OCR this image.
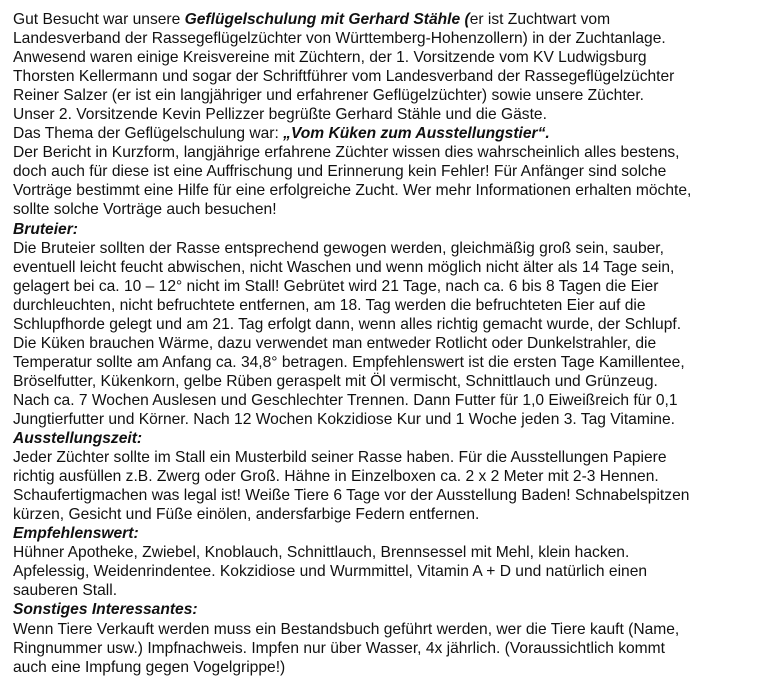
Gut Besucht war unsere Geflügelschulung mit Gerhard Stähle (er ist Zuchtwart vom
Landesverband der Rassegeflügelzüchter von Württemberg-Hohenzollern) in der Zuchtanlage.
Anwesend waren einige Kreisvereine mit Züchtern, der 1. Vorsitzende vom KV Ludwigsburg
Thorsten Kellermann und sogar der Schriftführer vom Landesverband der Rassegeflügelzüchter
Reiner Salzer (er ist ein langjähriger und erfahrener Geflügelzüchter) sowie unsere Züchter.
Unser 2. Vorsitzende Kevin Pellizzer begrüßte Gerhard Stähle und die Gäste.
Das Thema der Geflügelschulung war: „Vom Küken zum Ausstellungstier“.
Der Bericht in Kurzform, langjährige erfahrene Züchter wissen dies wahrscheinlich alles bestens,
doch auch für diese ist eine Auffrischung und Erinnerung kein Fehler! Für Anfänger sind solche
Vorträge bestimmt eine Hilfe für eine erfolgreiche Zucht. Wer mehr Informationen erhalten möchte,
sollte solche Vorträge auch besuchen!
Bruteier:
Die Bruteier sollten der Rasse entsprechend gewogen werden, gleichmäßig groß sein, sauber,
eventuell leicht feucht abwischen, nicht Waschen und wenn möglich nicht älter als 14 Tage sein,
gelagert bei ca. 10 – 12° nicht im Stall! Gebrütet wird 21 Tage, nach ca. 6 bis 8 Tagen die Eier
durchleuchten, nicht befruchtete entfernen, am 18. Tag werden die befruchteten Eier auf die
Schlupfhorde gelegt und am 21. Tag erfolgt dann, wenn alles richtig gemacht wurde, der Schlupf.
Die Küken brauchen Wärme, dazu verwendet man entweder Rotlicht oder Dunkelstrahler, die
Temperatur sollte am Anfang ca. 34,8° betragen. Empfehlenswert ist die ersten Tage Kamillentee,
Bröselfutter, Kükenkorn, gelbe Rüben geraspelt mit Öl vermischt, Schnittlauch und Grünzeug.
Nach ca. 7 Wochen Auslesen und Geschlechter Trennen. Dann Futter für 1,0 Eiweißreich für 0,1
Jungtierfutter und Körner. Nach 12 Wochen Kokzidiose Kur und 1 Woche jeden 3. Tag Vitamine.
Ausstellungszeit:
Jeder Züchter sollte im Stall ein Musterbild seiner Rasse haben. Für die Ausstellungen Papiere
richtig ausfüllen z.B. Zwerg oder Groß. Hähne in Einzelboxen ca. 2 x 2 Meter mit 2-3 Hennen.
Schaufertigmachen was legal ist! Weiße Tiere 6 Tage vor der Ausstellung Baden! Schnabelspitzen
kürzen, Gesicht und Füße einölen, andersfarbige Federn entfernen.
Empfehlenswert:
Hühner Apotheke, Zwiebel, Knoblauch, Schnittlauch, Brennsessel mit Mehl, klein hacken.
Apfelessig, Weidenrindentee. Kokzidiose und Wurmmittel, Vitamin A + D und natürlich einen
sauberen Stall.
Sonstiges Interessantes:
Wenn Tiere Verkauft werden muss ein Bestandsbuch geführt werden, wer die Tiere kauft (Name,
Ringnummer usw.) Impfnachweis. Impfen nur über Wasser, 4x jährlich. (Voraussichtlich kommt
auch eine Impfung gegen Vogelgrippe!)
